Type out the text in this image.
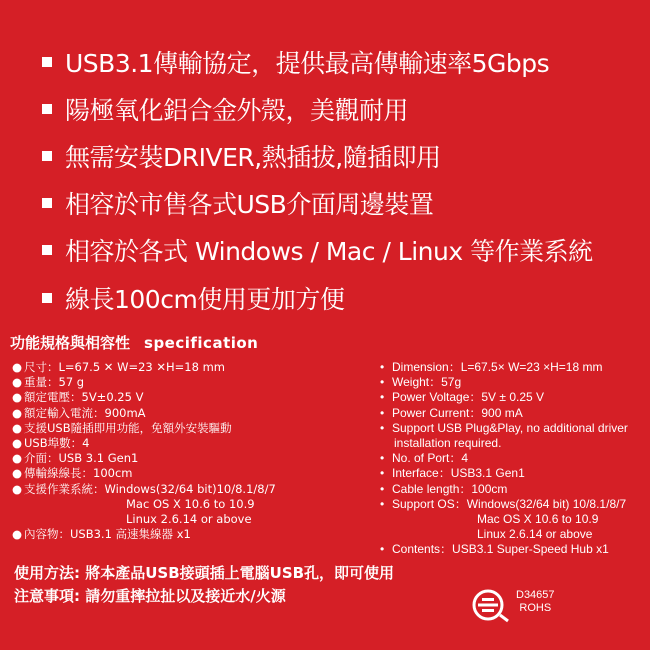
USB3.1傳輸協定，提供最高傳輸速率5Gbps
陽極氧化鋁合金外殼，美觀耐用
無需安裝DRIVER,熱插拔,隨插即用
相容於市售各式USB介面周邊裝置
相容於各式 Windows / Mac / Linux 等作業系統
線長100cm使用更加方便
功能規格與相容性 specification
● 尺寸：L=67.5 ✕ W=23 ✕H=18 mm
● 重量：57 g
● 額定電壓：5V±0.25 V
● 額定輸入電流：900mA
● 支援USB隨插即用功能，免額外安裝驅動
● USB埠數：4
● 介面：USB 3.1 Gen1
● 傳輸線線長：100cm
● 支援作業系統：Windows(32/64 bit)10/8.1/8/7
Mac OS X 10.6 to 10.9
Linux 2.6.14 or above
● 內容物：USB3.1 高速集線器 x1
• Dimension：L=67.5× W=23 ×H=18 mm
• Weight：57g
• Power Voltage：5V ± 0.25 V
• Power Current：900 mA
• Support USB Plug&Play, no additional driver
installation required.
• No. of Port：4
• Interface：USB3.1 Gen1
• Cable length：100cm
• Support OS：Windows(32/64 bit) 10/8.1/8/7
Mac OS X 10.6 to 10.9
Linux 2.6.14 or above
• Contents：USB3.1 Super-Speed Hub x1
使用方法: 將本產品USB接頭插上電腦USB孔，即可使用
注意事項: 請勿重摔拉扯以及接近水/火源	D34657
ROHS
